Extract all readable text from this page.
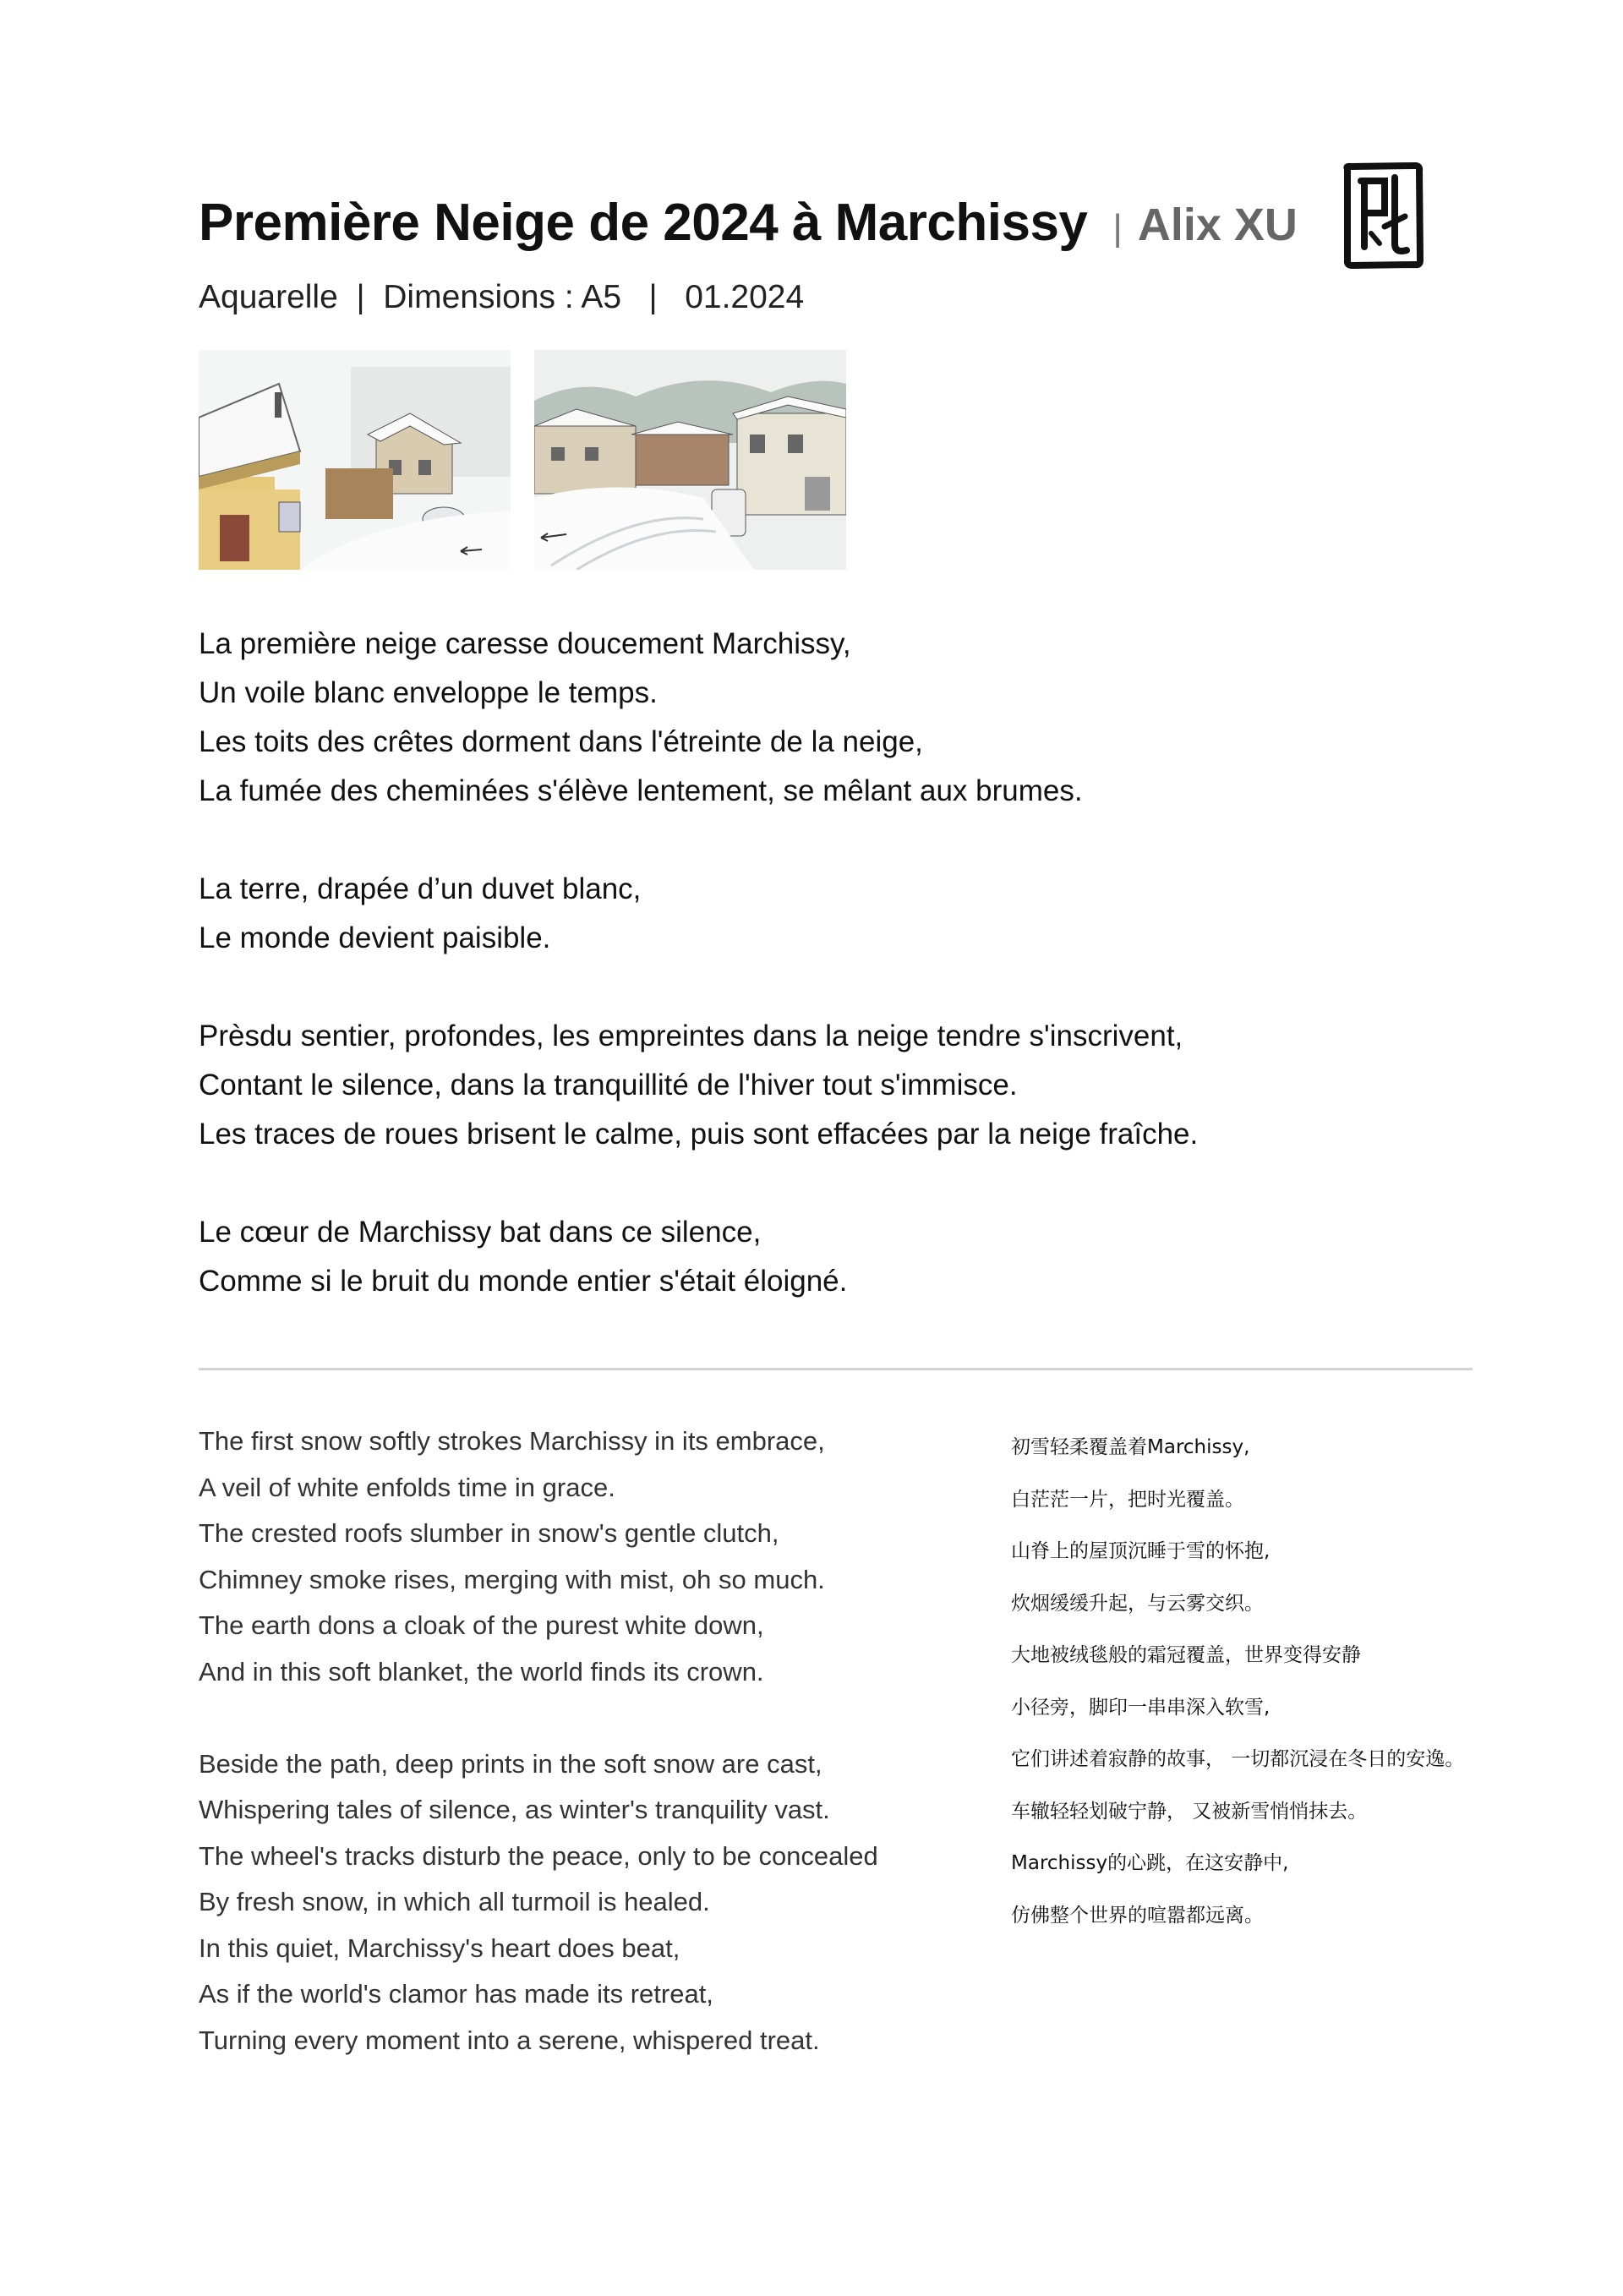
Première Neige de 2024 à Marchissy | Alix XU
Aquarelle  |  Dimensions : A5   |   01.2024
La première neige caresse doucement Marchissy,
Un voile blanc enveloppe le temps.
Les toits des crêtes dorment dans l'étreinte de la neige,
La fumée des cheminées s'élève lentement, se mêlant aux brumes.
La terre, drapée d’un duvet blanc,
Le monde devient paisible.
Prèsdu sentier, profondes, les empreintes dans la neige tendre s'inscrivent,
Contant le silence, dans la tranquillité de l'hiver tout s'immisce.
Les traces de roues brisent le calme, puis sont effacées par la neige fraîche.
Le cœur de Marchissy bat dans ce silence,
Comme si le bruit du monde entier s'était éloigné.
The first snow softly strokes Marchissy in its embrace,
A veil of white enfolds time in grace.
The crested roofs slumber in snow's gentle clutch,
Chimney smoke rises, merging with mist, oh so much.
The earth dons a cloak of the purest white down,
And in this soft blanket, the world finds its crown.
Beside the path, deep prints in the soft snow are cast,
Whispering tales of silence, as winter's tranquility vast.
The wheel's tracks disturb the peace, only to be concealed
By fresh snow, in which all turmoil is healed.
In this quiet, Marchissy's heart does beat,
As if the world's clamor has made its retreat,
Turning every moment into a serene, whispered treat.
初雪轻柔覆盖着Marchissy,
白茫茫一片，把时光覆盖。
山脊上的屋顶沉睡于雪的怀抱,
炊烟缓缓升起，与云雾交织。
大地被绒毯般的霜冠覆盖，世界变得安静
小径旁，脚印一串串深入软雪,
它们讲述着寂静的故事， 一切都沉浸在冬日的安逸。
车辙轻轻划破宁静， 又被新雪悄悄抹去。
Marchissy的心跳，在这安静中,
仿佛整个世界的喧嚣都远离。
